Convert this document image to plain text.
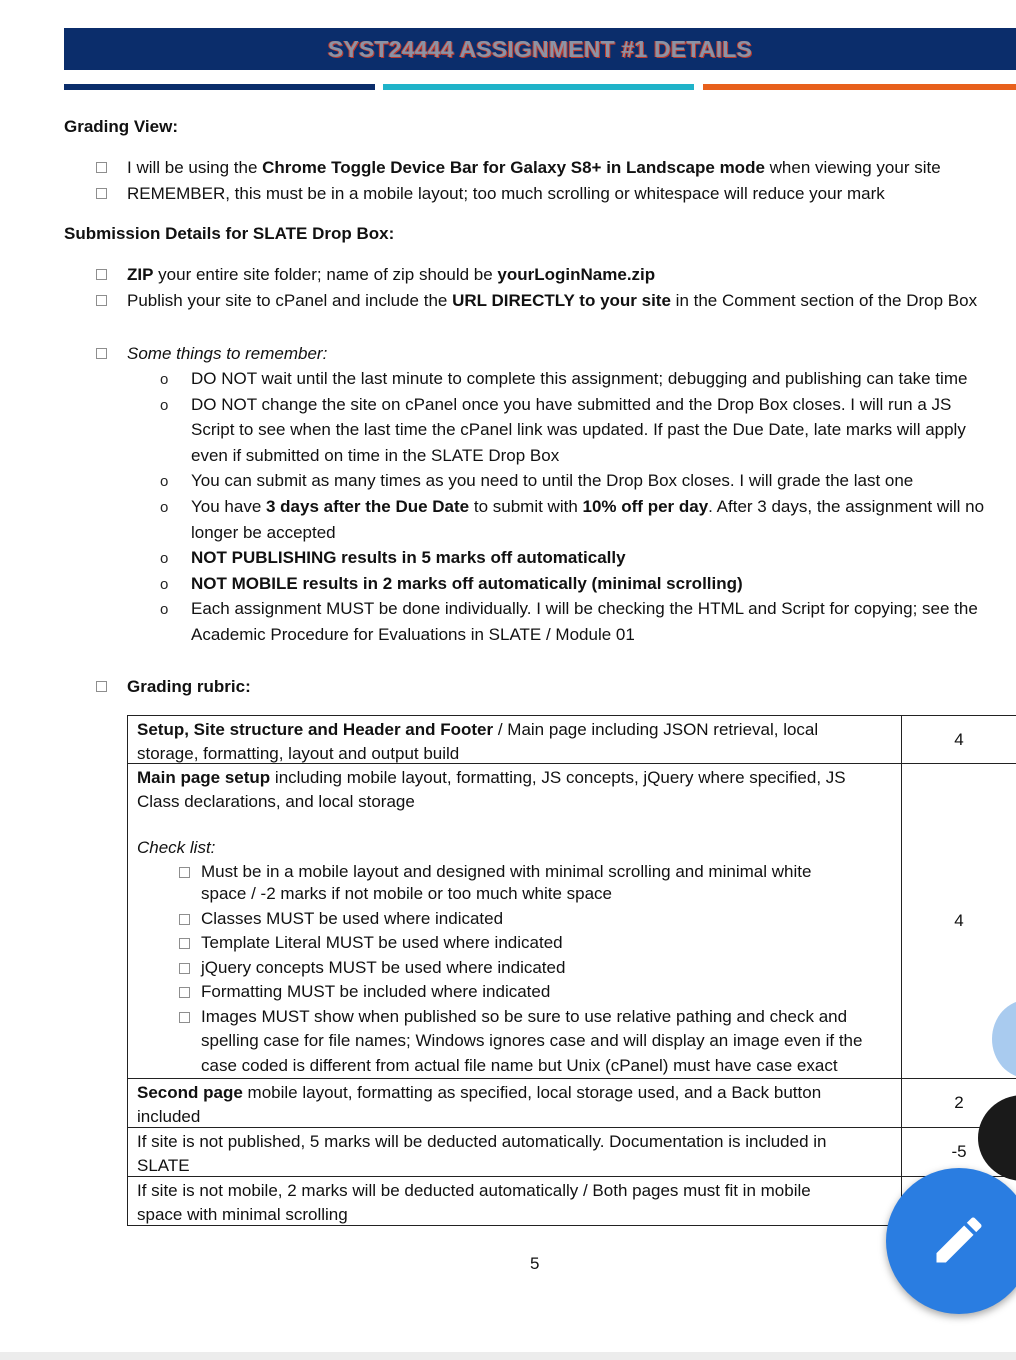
SYST24444 ASSIGNMENT #1 DETAILS
Grading View:
I will be using the Chrome Toggle Device Bar for Galaxy S8+ in Landscape mode when viewing your site
REMEMBER, this must be in a mobile layout; too much scrolling or whitespace will reduce your mark
Submission Details for SLATE Drop Box:
ZIP your entire site folder; name of zip should be yourLoginName.zip
Publish your site to cPanel and include the URL DIRECTLY to your site in the Comment section of the Drop Box
Some things to remember:
o DO NOT wait until the last minute to complete this assignment; debugging and publishing can take time
o DO NOT change the site on cPanel once you have submitted and the Drop Box closes. I will run a JS
Script to see when the last time the cPanel link was updated. If past the Due Date, late marks will apply
even if submitted on time in the SLATE Drop Box
o You can submit as many times as you need to until the Drop Box closes. I will grade the last one
o You have 3 days after the Due Date to submit with 10% off per day. After 3 days, the assignment will no
longer be accepted
o NOT PUBLISHING results in 5 marks off automatically
o NOT MOBILE results in 2 marks off automatically (minimal scrolling)
o Each assignment MUST be done individually. I will be checking the HTML and Script for copying; see the
Academic Procedure for Evaluations in SLATE / Module 01
Grading rubric:
Setup, Site structure and Header and Footer / Main page including JSON retrieval, local
storage, formatting, layout and output build
4
Main page setup including mobile layout, formatting, JS concepts, jQuery where specified, JS
Class declarations, and local storage
Check list:
Must be in a mobile layout and designed with minimal scrolling and minimal white
space / -2 marks if not mobile or too much white space
Classes MUST be used where indicated
Template Literal MUST be used where indicated
jQuery concepts MUST be used where indicated
Formatting MUST be included where indicated
Images MUST show when published so be sure to use relative pathing and check and
spelling case for file names; Windows ignores case and will display an image even if the
case coded is different from actual file name but Unix (cPanel) must have case exact
4
Second page mobile layout, formatting as specified, local storage used, and a Back button
included
2
If site is not published, 5 marks will be deducted automatically. Documentation is included in
SLATE
-5
If site is not mobile, 2 marks will be deducted automatically / Both pages must fit in mobile
space with minimal scrolling
5
